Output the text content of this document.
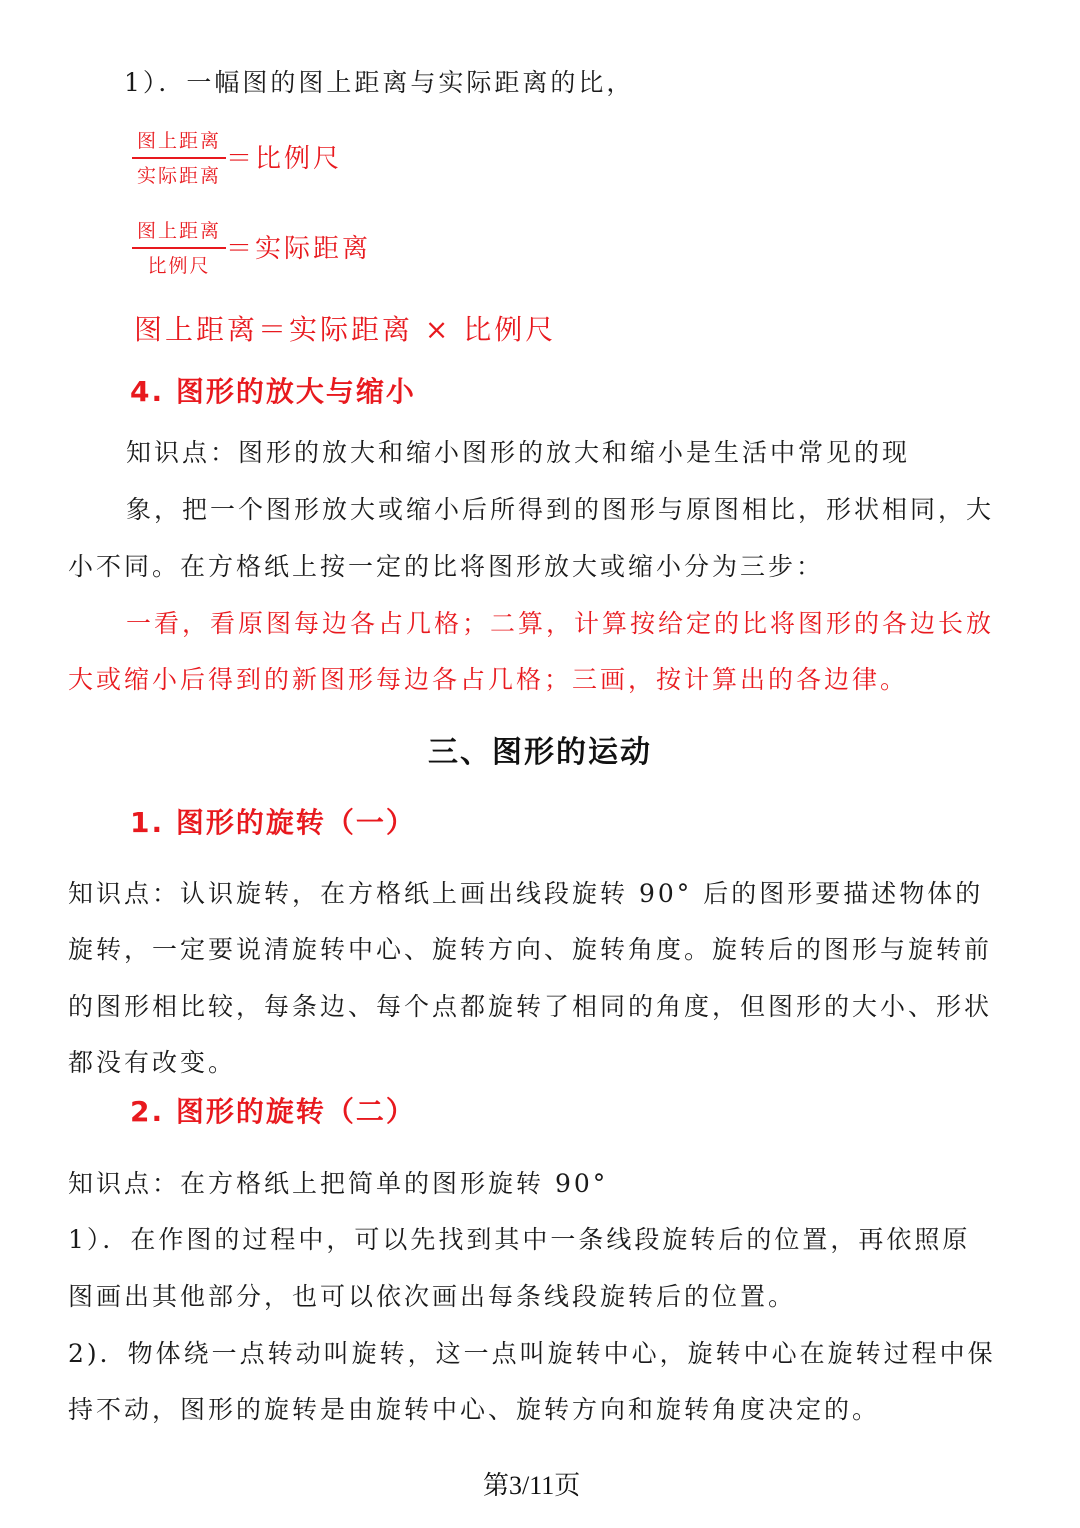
1）．一幅图的图上距离与实际距离的比，
$\frac{\text{图上距离}}{\text{实际距离}}$ ＝比例尺
$\frac{\text{图上距离}}{\text{比例尺}}$ ＝实际距离
图上距离＝实际距离 × 比例尺
4. 图形的放大与缩小
知识点：图形的放大和缩小图形的放大和缩小是生活中常见的现
象，把一个图形放大或缩小后所得到的图形与原图相比，形状相同，大
小不同。在方格纸上按一定的比将图形放大或缩小分为三步：
一看，看原图每边各占几格；二算，计算按给定的比将图形的各边长放
大或缩小后得到的新图形每边各占几格；三画，按计算出的各边律。
三、图形的运动
1. 图形的旋转（一）
知识点：认识旋转，在方格纸上画出线段旋转 90° 后的图形要描述物体的
旋转，一定要说清旋转中心、旋转方向、旋转角度。旋转后的图形与旋转前
的图形相比较，每条边、每个点都旋转了相同的角度，但图形的大小、形状
都没有改变。
2. 图形的旋转（二）
知识点：在方格纸上把简单的图形旋转 90°
1）．在作图的过程中，可以先找到其中一条线段旋转后的位置，再依照原
图画出其他部分，也可以依次画出每条线段旋转后的位置。
2)．物体绕一点转动叫旋转，这一点叫旋转中心，旋转中心在旋转过程中保
持不动，图形的旋转是由旋转中心、旋转方向和旋转角度决定的。
第3/11页
